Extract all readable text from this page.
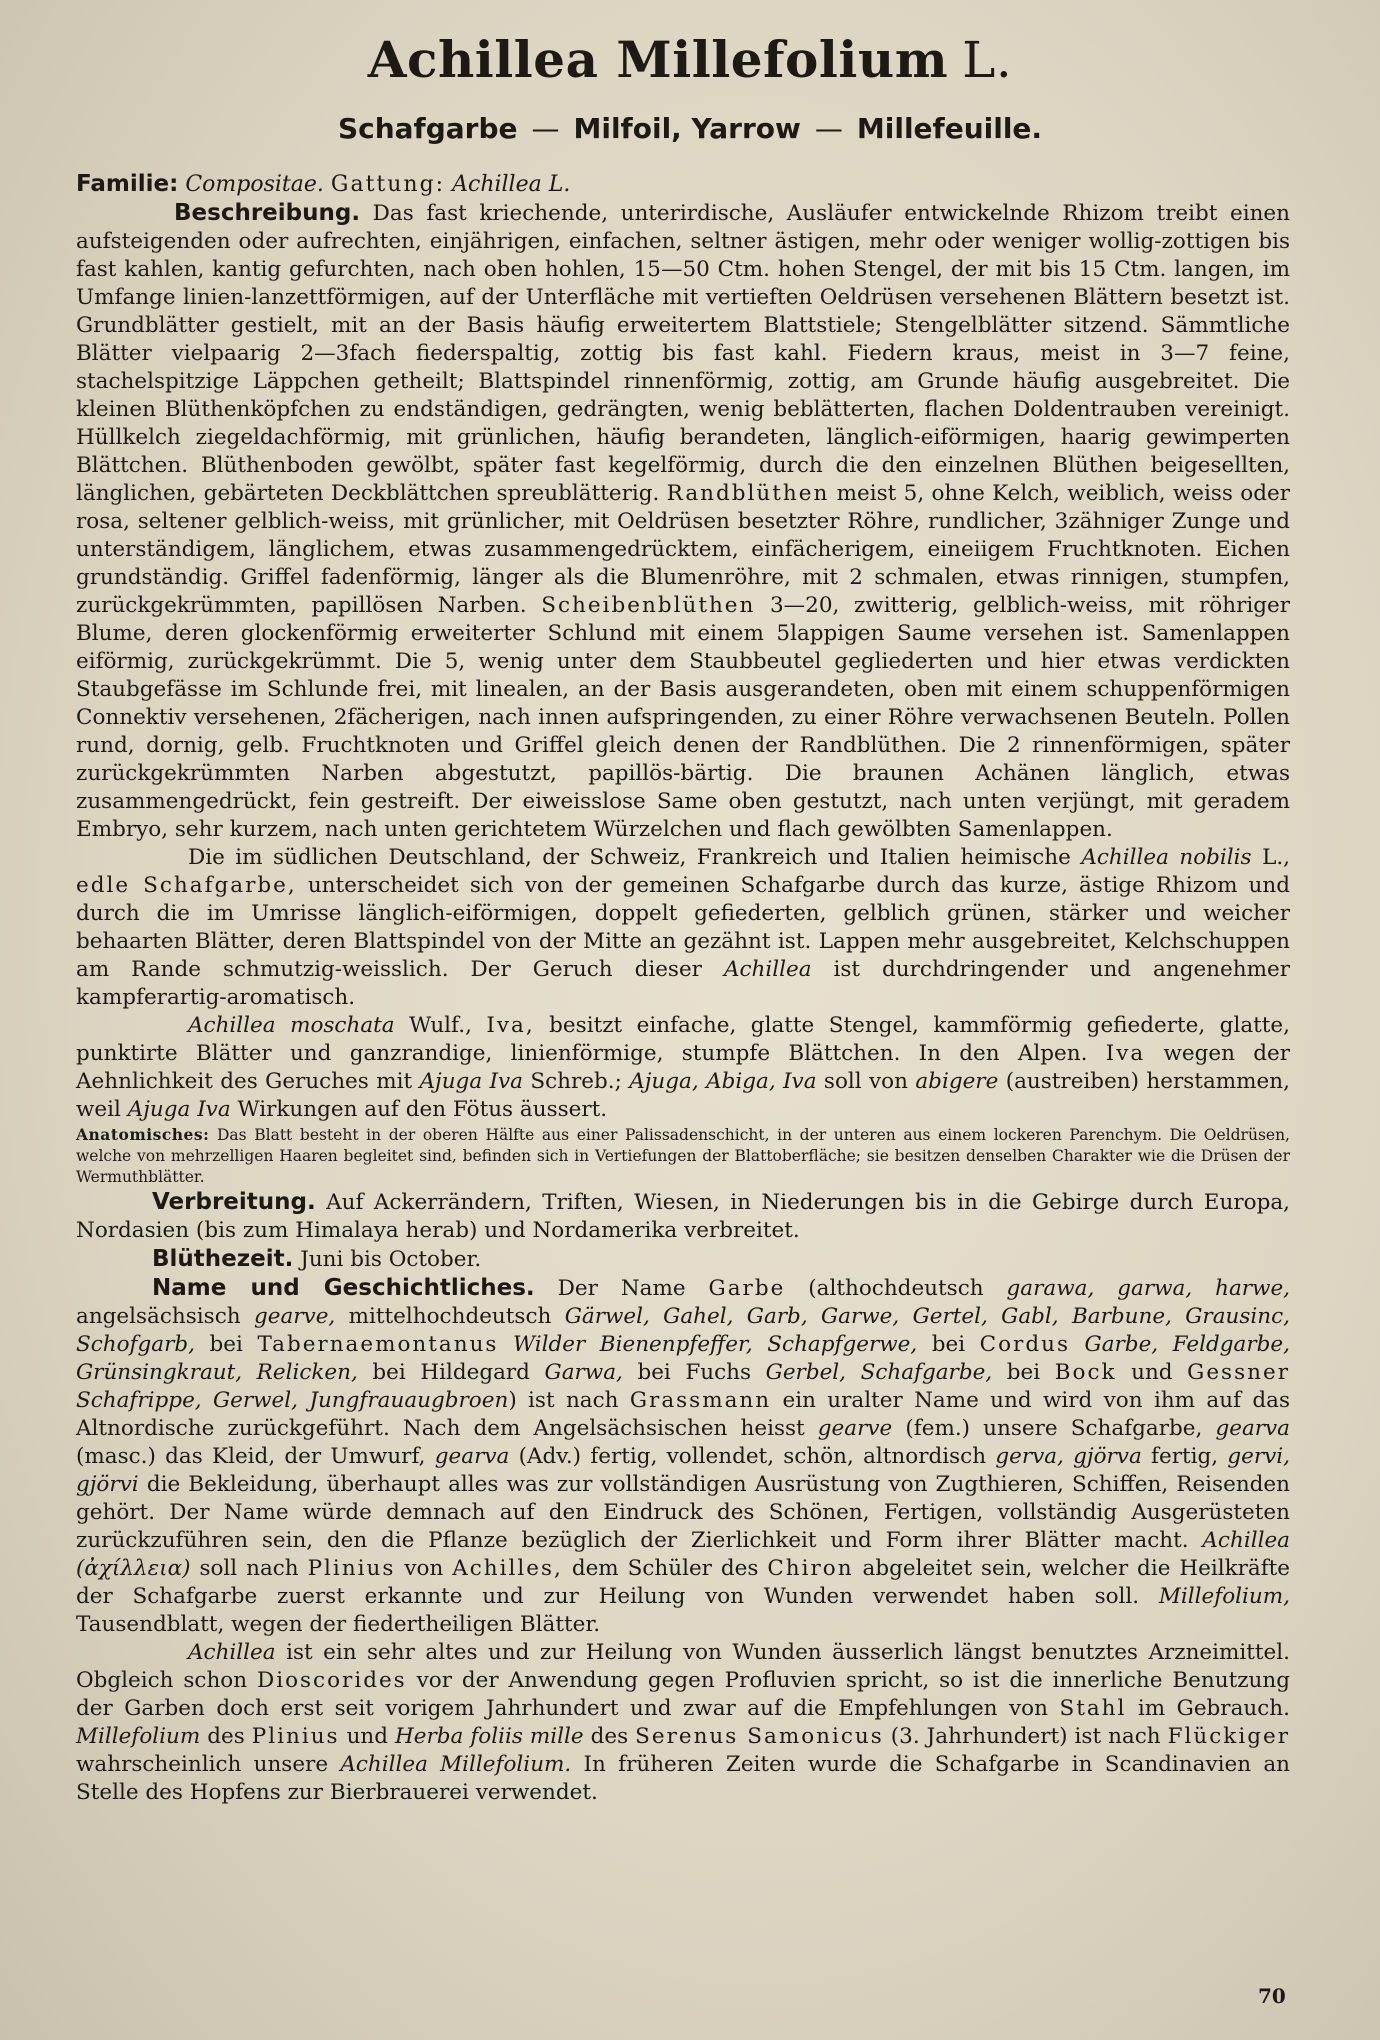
Achillea Millefolium L.
Schafgarbe — Milfoil, Yarrow — Millefeuille.

Familie: Compositae. Gattung: Achillea L.

Beschreibung. Das fast kriechende, unterirdische, Ausläufer entwickelnde Rhizom treibt einen aufsteigenden oder aufrechten, einjährigen, einfachen, seltner ästigen, mehr oder weniger wollig-zottigen bis fast kahlen, kantig gefurchten, nach oben hohlen, 15—50 Ctm. hohen Stengel, der mit bis 15 Ctm. langen, im Umfange linien-lanzettförmigen, auf der Unterfläche mit vertieften Oeldrüsen versehenen Blättern besetzt ist. Grundblätter gestielt, mit an der Basis häufig erweitertem Blattstiele; Stengelblätter sitzend. Sämmtliche Blätter vielpaarig 2—3fach fiederspaltig, zottig bis fast kahl. Fiedern kraus, meist in 3—7 feine, stachelspitzige Läppchen getheilt; Blattspindel rinnenförmig, zottig, am Grunde häufig ausgebreitet. Die kleinen Blüthenköpfchen zu endständigen, gedrängten, wenig beblätterten, flachen Doldentrauben vereinigt. Hüllkelch ziegeldachförmig, mit grünlichen, häufig berandeten, länglich-eiförmigen, haarig gewimperten Blättchen. Blüthenboden gewölbt, später fast kegelförmig, durch die den einzelnen Blüthen beigesellten, länglichen, gebärteten Deckblättchen spreublätterig. Randblüthen meist 5, ohne Kelch, weiblich, weiss oder rosa, seltener gelblich-weiss, mit grünlicher, mit Oeldrüsen besetzter Röhre, rundlicher, 3zähniger Zunge und unterständigem, länglichem, etwas zusammengedrücktem, einfächerigem, eineiigem Fruchtknoten. Eichen grundständig. Griffel fadenförmig, länger als die Blumenröhre, mit 2 schmalen, etwas rinnigen, stumpfen, zurückgekrümmten, papillösen Narben. Scheibenblüthen 3—20, zwitterig, gelblich-weiss, mit röhriger Blume, deren glockenförmig erweiterter Schlund mit einem 5lappigen Saume versehen ist. Samenlappen eiförmig, zurückgekrümmt. Die 5, wenig unter dem Staubbeutel gegliederten und hier etwas verdickten Staubgefässe im Schlunde frei, mit linealen, an der Basis ausgerandeten, oben mit einem schuppenförmigen Connektiv versehenen, 2fächerigen, nach innen aufspringenden, zu einer Röhre verwachsenen Beuteln. Pollen rund, dornig, gelb. Fruchtknoten und Griffel gleich denen der Randblüthen. Die 2 rinnenförmigen, später zurückgekrümmten Narben abgestutzt, papillös-bärtig. Die braunen Achänen länglich, etwas zusammengedrückt, fein gestreift. Der eiweisslose Same oben gestutzt, nach unten verjüngt, mit geradem Embryo, sehr kurzem, nach unten gerichtetem Würzelchen und flach gewölbten Samenlappen.

Die im südlichen Deutschland, der Schweiz, Frankreich und Italien heimische Achillea nobilis L., edle Schafgarbe, unterscheidet sich von der gemeinen Schafgarbe durch das kurze, ästige Rhizom und durch die im Umrisse länglich-eiförmigen, doppelt gefiederten, gelblich grünen, stärker und weicher behaarten Blätter, deren Blattspindel von der Mitte an gezähnt ist. Lappen mehr ausgebreitet, Kelchschuppen am Rande schmutzig-weisslich. Der Geruch dieser Achillea ist durchdringender und angenehmer kampferartig-aromatisch.

Achillea moschata Wulf., Iva, besitzt einfache, glatte Stengel, kammförmig gefiederte, glatte, punktirte Blätter und ganzrandige, linienförmige, stumpfe Blättchen. In den Alpen. Iva wegen der Aehnlichkeit des Geruches mit Ajuga Iva Schreb.; Ajuga, Abiga, Iva soll von abigere (austreiben) herstammen, weil Ajuga Iva Wirkungen auf den Fötus äussert.

Anatomisches: Das Blatt besteht in der oberen Hälfte aus einer Palissadenschicht, in der unteren aus einem lockeren Parenchym. Die Oeldrüsen, welche von mehrzelligen Haaren begleitet sind, befinden sich in Vertiefungen der Blattoberfläche; sie besitzen denselben Charakter wie die Drüsen der Wermuthblätter.

Verbreitung. Auf Ackerrändern, Triften, Wiesen, in Niederungen bis in die Gebirge durch Europa, Nordasien (bis zum Himalaya herab) und Nordamerika verbreitet.

Blüthezeit. Juni bis October.

Name und Geschichtliches. Der Name Garbe (althochdeutsch garawa, garwa, harwe, angelsächsisch gearve, mittelhochdeutsch Gärwel, Gahel, Garb, Garwe, Gertel, Gabl, Barbune, Grausinc, Schofgarb, bei Tabernaemontanus Wilder Bienenpfeffer, Schapfgerwe, bei Cordus Garbe, Feldgarbe, Grünsingkraut, Relicken, bei Hildegard Garwa, bei Fuchs Gerbel, Schafgarbe, bei Bock und Gessner Schafrippe, Gerwel, Jungfrauaugbroen) ist nach Grassmann ein uralter Name und wird von ihm auf das Altnordische zurückgeführt. Nach dem Angelsächsischen heisst gearve (fem.) unsere Schafgarbe, gearva (masc.) das Kleid, der Umwurf, gearva (Adv.) fertig, vollendet, schön, altnordisch gerva, gjörva fertig, gervi, gjörvi die Bekleidung, überhaupt alles was zur vollständigen Ausrüstung von Zugthieren, Schiffen, Reisenden gehört. Der Name würde demnach auf den Eindruck des Schönen, Fertigen, vollständig Ausgerüsteten zurückzuführen sein, den die Pflanze bezüglich der Zierlichkeit und Form ihrer Blätter macht. Achillea (ἀχίλλεια) soll nach Plinius von Achilles, dem Schüler des Chiron abgeleitet sein, welcher die Heilkräfte der Schafgarbe zuerst erkannte und zur Heilung von Wunden verwendet haben soll. Millefolium, Tausendblatt, wegen der fiedertheiligen Blätter.

Achillea ist ein sehr altes und zur Heilung von Wunden äusserlich längst benutztes Arzneimittel. Obgleich schon Dioscorides vor der Anwendung gegen Profluvien spricht, so ist die innerliche Benutzung der Garben doch erst seit vorigem Jahrhundert und zwar auf die Empfehlungen von Stahl im Gebrauch. Millefolium des Plinius und Herba foliis mille des Serenus Samonicus (3. Jahrhundert) ist nach Flückiger wahrscheinlich unsere Achillea Millefolium. In früheren Zeiten wurde die Schafgarbe in Scandinavien an Stelle des Hopfens zur Bierbrauerei verwendet.

70
